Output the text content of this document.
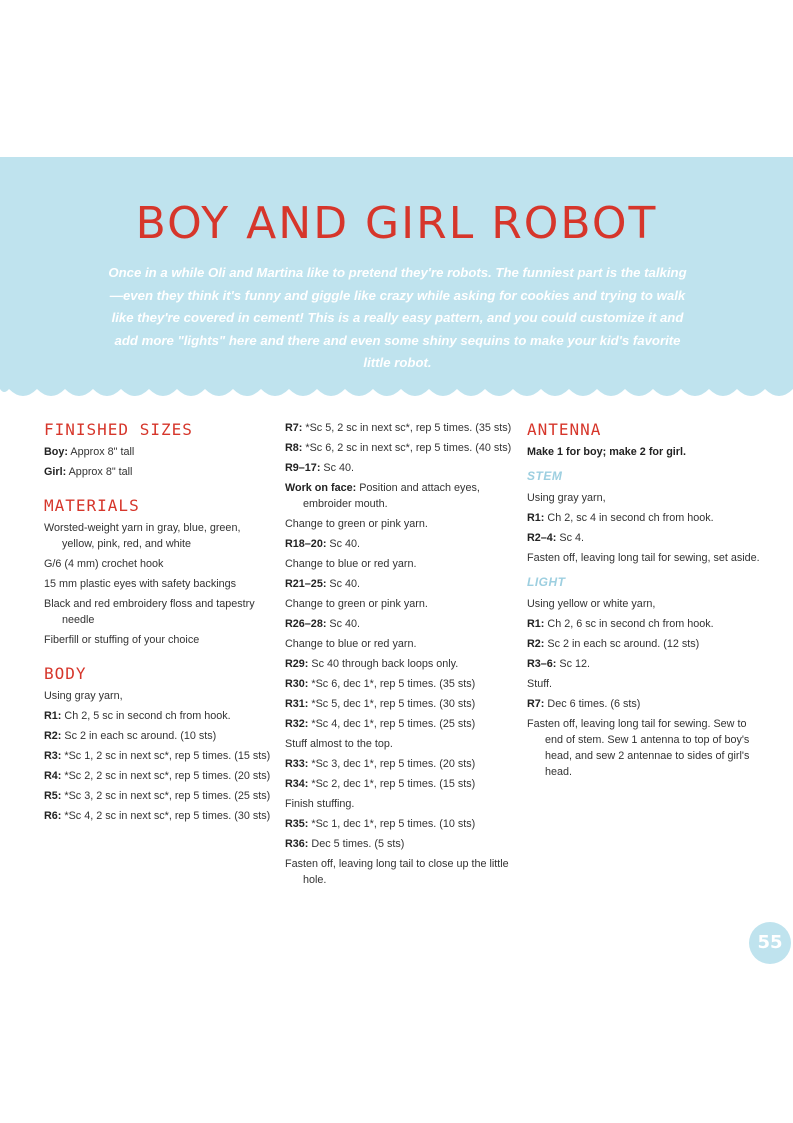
BOY AND GIRL ROBOT
Once in a while Oli and Martina like to pretend they're robots. The funniest part is the talking—even they think it's funny and giggle like crazy while asking for cookies and trying to walk like they're covered in cement! This is a really easy pattern, and you could customize it and add more "lights" here and there and even some shiny sequins to make your kid's favorite little robot.
FINISHED SIZES
Boy: Approx 8" tall
Girl: Approx 8" tall
MATERIALS
Worsted-weight yarn in gray, blue, green, yellow, pink, red, and white
G/6 (4 mm) crochet hook
15 mm plastic eyes with safety backings
Black and red embroidery floss and tapestry needle
Fiberfill or stuffing of your choice
BODY
Using gray yarn,
R1: Ch 2, 5 sc in second ch from hook.
R2: Sc 2 in each sc around. (10 sts)
R3: *Sc 1, 2 sc in next sc*, rep 5 times. (15 sts)
R4: *Sc 2, 2 sc in next sc*, rep 5 times. (20 sts)
R5: *Sc 3, 2 sc in next sc*, rep 5 times. (25 sts)
R6: *Sc 4, 2 sc in next sc*, rep 5 times. (30 sts)
R7: *Sc 5, 2 sc in next sc*, rep 5 times. (35 sts)
R8: *Sc 6, 2 sc in next sc*, rep 5 times. (40 sts)
R9–17: Sc 40.
Work on face: Position and attach eyes, embroider mouth.
Change to green or pink yarn.
R18–20: Sc 40.
Change to blue or red yarn.
R21–25: Sc 40.
Change to green or pink yarn.
R26–28: Sc 40.
Change to blue or red yarn.
R29: Sc 40 through back loops only.
R30: *Sc 6, dec 1*, rep 5 times. (35 sts)
R31: *Sc 5, dec 1*, rep 5 times. (30 sts)
R32: *Sc 4, dec 1*, rep 5 times. (25 sts)
Stuff almost to the top.
R33: *Sc 3, dec 1*, rep 5 times. (20 sts)
R34: *Sc 2, dec 1*, rep 5 times. (15 sts)
Finish stuffing.
R35: *Sc 1, dec 1*, rep 5 times. (10 sts)
R36: Dec 5 times. (5 sts)
Fasten off, leaving long tail to close up the little hole.
ANTENNA
Make 1 for boy; make 2 for girl.
STEM
Using gray yarn,
R1: Ch 2, sc 4 in second ch from hook.
R2–4: Sc 4.
Fasten off, leaving long tail for sewing, set aside.
LIGHT
Using yellow or white yarn,
R1: Ch 2, 6 sc in second ch from hook.
R2: Sc 2 in each sc around. (12 sts)
R3–6: Sc 12.
Stuff.
R7: Dec 6 times. (6 sts)
Fasten off, leaving long tail for sewing. Sew to end of stem. Sew 1 antenna to top of boy's head, and sew 2 antennae to sides of girl's head.
55
